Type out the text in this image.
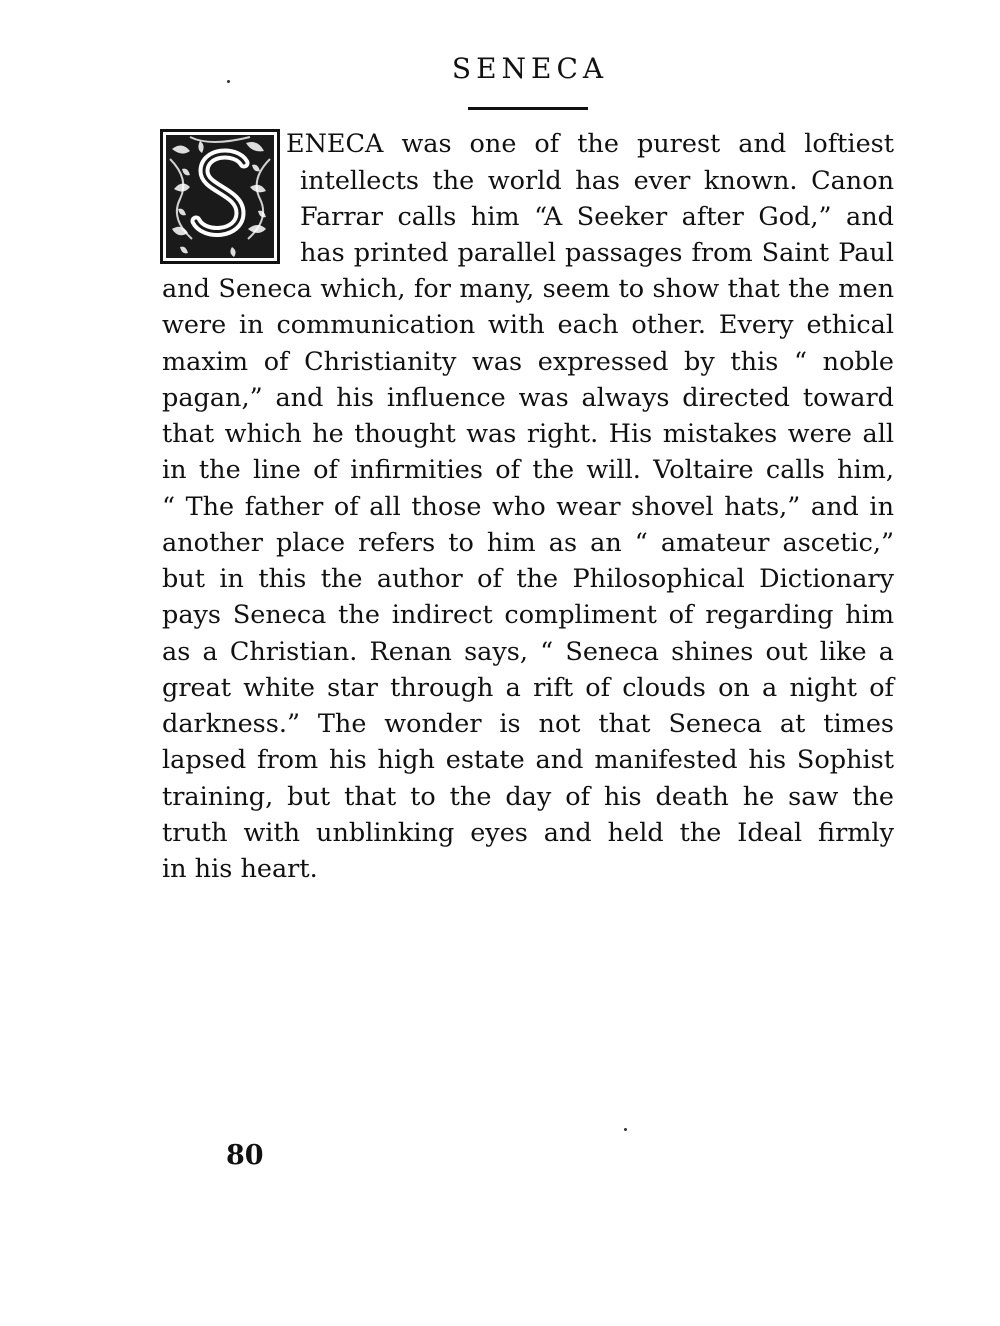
SENECA
ENECA was one of the purest and loftiest
intellects the world has ever known. Canon
Farrar calls him “A Seeker after God,” and
has printed parallel passages from Saint Paul
and Seneca which, for many, seem to show that the men
were in communication with each other. Every ethical
maxim of Christianity was expressed by this “ noble
pagan,” and his influence was always directed toward
that which he thought was right. His mistakes were all
in the line of infirmities of the will. Voltaire calls him,
“ The father of all those who wear shovel hats,” and in
another place refers to him as an “ amateur ascetic,”
but in this the author of the Philosophical Dictionary
pays Seneca the indirect compliment of regarding him
as a Christian. Renan says, “ Seneca shines out like a
great white star through a rift of clouds on a night of
darkness.” The wonder is not that Seneca at times
lapsed from his high estate and manifested his Sophist
training, but that to the day of his death he saw the
truth with unblinking eyes and held the Ideal firmly
in his heart.
80
